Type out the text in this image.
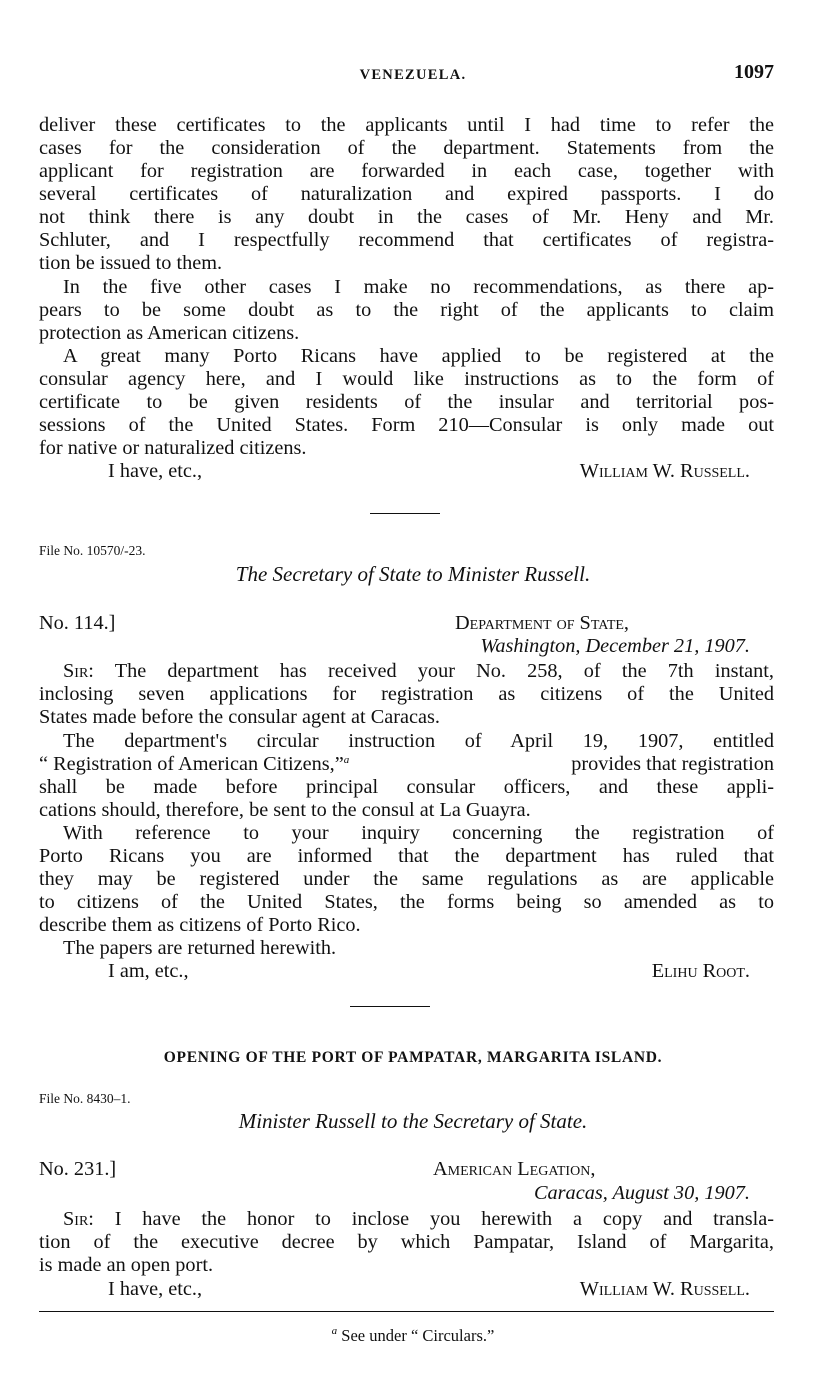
VENEZUELA.	1097
deliver these certificates to the applicants until I had time to refer the
cases for the consideration of the department. Statements from the
applicant for registration are forwarded in each case, together with
several certificates of naturalization and expired passports. I do
not think there is any doubt in the cases of Mr. Heny and Mr.
Schluter, and I respectfully recommend that certificates of registra-
tion be issued to them.
In the five other cases I make no recommendations, as there ap-
pears to be some doubt as to the right of the applicants to claim
protection as American citizens.
A great many Porto Ricans have applied to be registered at the
consular agency here, and I would like instructions as to the form of
certificate to be given residents of the insular and territorial pos-
sessions of the United States. Form 210—Consular is only made out
for native or naturalized citizens.
I have, etc.,	William W. Russell.
File No. 10570/-23.
The Secretary of State to Minister Russell.
No. 114.]	Department of State,
Washington, December 21, 1907.
Sir: The department has received your No. 258, of the 7th instant,
inclosing seven applications for registration as citizens of the United
States made before the consular agent at Caracas.
The department's circular instruction of April 19, 1907, entitled
“ Registration of American Citizens,”$^a$	provides that registration
shall be made before principal consular officers, and these appli-
cations should, therefore, be sent to the consul at La Guayra.
With reference to your inquiry concerning the registration of
Porto Ricans you are informed that the department has ruled that
they may be registered under the same regulations as are applicable
to citizens of the United States, the forms being so amended as to
describe them as citizens of Porto Rico.
The papers are returned herewith.
I am, etc.,	Elihu Root.
OPENING OF THE PORT OF PAMPATAR, MARGARITA ISLAND.
File No. 8430–1.
Minister Russell to the Secretary of State.
No. 231.]	American Legation,
Caracas, August 30, 1907.
Sir: I have the honor to inclose you herewith a copy and transla-
tion of the executive decree by which Pampatar, Island of Margarita,
is made an open port.
I have, etc.,	William W. Russell.
$^a$ See under “ Circulars.”
